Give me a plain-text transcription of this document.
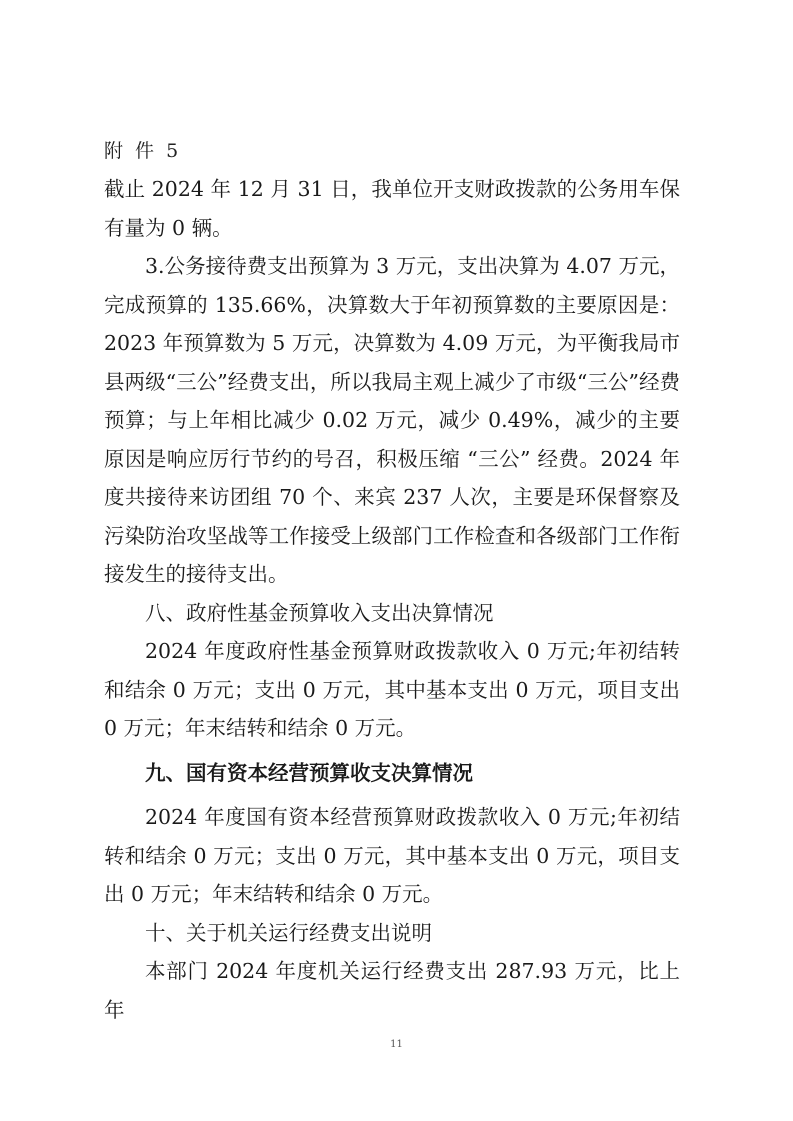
附 件 5

截止 2024 年 12 月 31 日，我单位开支财政拨款的公务用车保有量为 0 辆。

3.公务接待费支出预算为 3 万元，支出决算为 4.07 万元，完成预算的 135.66%，决算数大于年初预算数的主要原因是：2023 年预算数为 5 万元，决算数为 4.09 万元，为平衡我局市县两级“三公”经费支出，所以我局主观上减少了市级“三公”经费预算；与上年相比减少 0.02 万元，减少 0.49%，减少的主要原因是响应厉行节约的号召，积极压缩 “三公” 经费。2024 年度共接待来访团组 70 个、来宾 237 人次，主要是环保督察及污染防治攻坚战等工作接受上级部门工作检查和各级部门工作衔接发生的接待支出。

八、政府性基金预算收入支出决算情况

2024 年度政府性基金预算财政拨款收入 0 万元;年初结转和结余 0 万元；支出 0 万元，其中基本支出 0 万元，项目支出 0 万元；年末结转和结余 0 万元。

九、国有资本经营预算收支决算情况

2024 年度国有资本经营预算财政拨款收入 0 万元;年初结转和结余 0 万元；支出 0 万元，其中基本支出 0 万元，项目支出 0 万元；年末结转和结余 0 万元。

十、关于机关运行经费支出说明

本部门 2024 年度机关运行经费支出 287.93 万元，比上年

11
